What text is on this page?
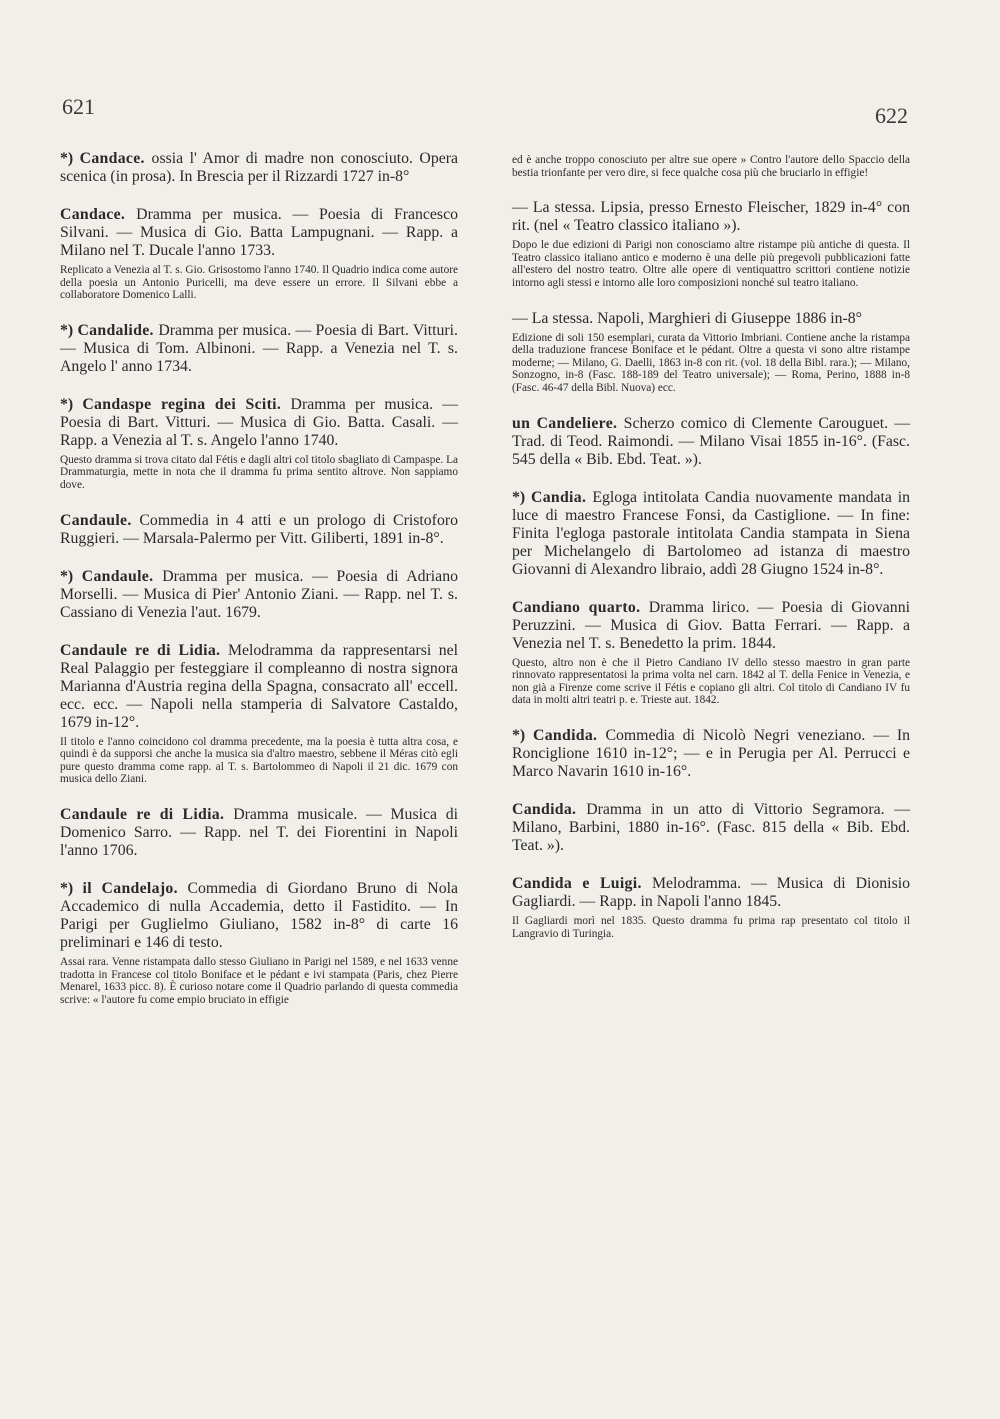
621	622
*) Candace. ossia l' Amor di madre non conosciuto. Opera scenica (in prosa). In Brescia per il Rizzardi 1727 in-8°
Candace. Dramma per musica. — Poesia di Francesco Silvani. — Musica di Gio. Batta Lampugnani. — Rapp. a Milano nel T. Ducale l'anno 1733.
Replicato a Venezia al T. s. Gio. Grisostomo l'anno 1740. Il Quadrio indica come autore della poesia un Antonio Puricelli, ma deve essere un errore. Il Silvani ebbe a collaboratore Domenico Lalli.
*) Candalide. Dramma per musica. — Poesia di Bart. Vitturi. — Musica di Tom. Albinoni. — Rapp. a Venezia nel T. s. Angelo l' anno 1734.
*) Candaspe regina dei Sciti. Dramma per musica. — Poesia di Bart. Vitturi. — Musica di Gio. Batta. Casali. — Rapp. a Venezia al T. s. Angelo l'anno 1740.
Questo dramma si trova citato dal Fétis e dagli altri col titolo sbagliato di Campaspe. La Drammaturgia, mette in nota che il dramma fu prima sentito altrove. Non sappiamo dove.
Candaule. Commedia in 4 atti e un prologo di Cristoforo Ruggieri. — Marsala-Palermo per Vitt. Giliberti, 1891 in-8°.
*) Candaule. Dramma per musica. — Poesia di Adriano Morselli. — Musica di Pier' Antonio Ziani. — Rapp. nel T. s. Cassiano di Venezia l'aut. 1679.
Candaule re di Lidia. Melodramma da rappresentarsi nel Real Palaggio per festeggiare il compleanno di nostra signora Marianna d'Austria regina della Spagna, consacrato all' eccell. ecc. ecc. — Napoli nella stamperia di Salvatore Castaldo, 1679 in-12°.
Il titolo e l'anno coincidono col dramma precedente, ma la poesia è tutta altra cosa, e quindi è da supporsi che anche la musica sia d'altro maestro, sebbene il Méras citò egli pure questo dramma come rapp. al T. s. Bartolommeo di Napoli il 21 dic. 1679 con musica dello Ziani.
Candaule re di Lidia. Dramma musicale. — Musica di Domenico Sarro. — Rapp. nel T. dei Fiorentini in Napoli l'anno 1706.
*) il Candelajo. Commedia di Giordano Bruno di Nola Accademico di nulla Accademia, detto il Fastidito. — In Parigi per Guglielmo Giuliano, 1582 in-8° di carte 16 preliminari e 146 di testo.
Assai rara. Venne ristampata dallo stesso Giuliano in Parigi nel 1589, e nel 1633 venne tradotta in Francese col titolo Boniface et le pédant e ivi stampata (Paris, chez Pierre Menarel, 1633 picc. 8). È curioso notare come il Quadrio parlando di questa commedia scrive: « l'autore fu come empio bruciato in effigie
ed è anche troppo conosciuto per altre sue opere » Contro l'autore dello Spaccio della bestia trionfante per vero dire, si fece qualche cosa più che bruciarlo in effigie!
— La stessa. Lipsia, presso Ernesto Fleischer, 1829 in-4° con rit. (nel « Teatro classico italiano »).
Dopo le due edizioni di Parigi non conosciamo altre ristampe più antiche di questa. Il Teatro classico italiano antico e moderno è una delle più pregevoli pubblicazioni fatte all'estero del nostro teatro. Oltre alle opere di ventiquattro scrittori contiene notizie intorno agli stessi e intorno alle loro composizioni nonché sul teatro italiano.
— La stessa. Napoli, Marghieri di Giuseppe 1886 in-8°
Edizione di soli 150 esemplari, curata da Vittorio Imbriani. Contiene anche la ristampa della traduzione francese Boniface et le pédant. Oltre a questa vi sono altre ristampe moderne; — Milano, G. Daelli, 1863 in-8 con rit. (vol. 18 della Bibl. rara.); — Milano, Sonzogno, in-8 (Fasc. 188-189 del Teatro universale); — Roma, Perino, 1888 in-8 (Fasc. 46-47 della Bibl. Nuova) ecc.
un Candeliere. Scherzo comico di Clemente Carouguet. — Trad. di Teod. Raimondi. — Milano Visai 1855 in-16°. (Fasc. 545 della « Bib. Ebd. Teat. »).
*) Candia. Egloga intitolata Candia nuovamente mandata in luce di maestro Francese Fonsi, da Castiglione. — In fine: Finita l'egloga pastorale intitolata Candia stampata in Siena per Michelangelo di Bartolomeo ad istanza di maestro Giovanni di Alexandro libraio, addì 28 Giugno 1524 in-8°.
Candiano quarto. Dramma lirico. — Poesia di Giovanni Peruzzini. — Musica di Giov. Batta Ferrari. — Rapp. a Venezia nel T. s. Benedetto la prim. 1844.
Questo, altro non è che il Pietro Candiano IV dello stesso maestro in gran parte rinnovato rappresentatosi la prima volta nel carn. 1842 al T. della Fenice in Venezia, e non già a Firenze come scrive il Fétis e copiano gli altri. Col titolo di Candiano IV fu data in molti altri teatri p. e. Trieste aut. 1842.
*) Candida. Commedia di Nicolò Negri veneziano. — In Ronciglione 1610 in-12°; — e in Perugia per Al. Perrucci e Marco Navarin 1610 in-16°.
Candida. Dramma in un atto di Vittorio Segramora. — Milano, Barbini, 1880 in-16°. (Fasc. 815 della « Bib. Ebd. Teat. »).
Candida e Luigi. Melodramma. — Musica di Dionisio Gagliardi. — Rapp. in Napoli l'anno 1845.
Il Gagliardi morì nel 1835. Questo dramma fu prima rap presentato col titolo il Langravio di Turingia.
